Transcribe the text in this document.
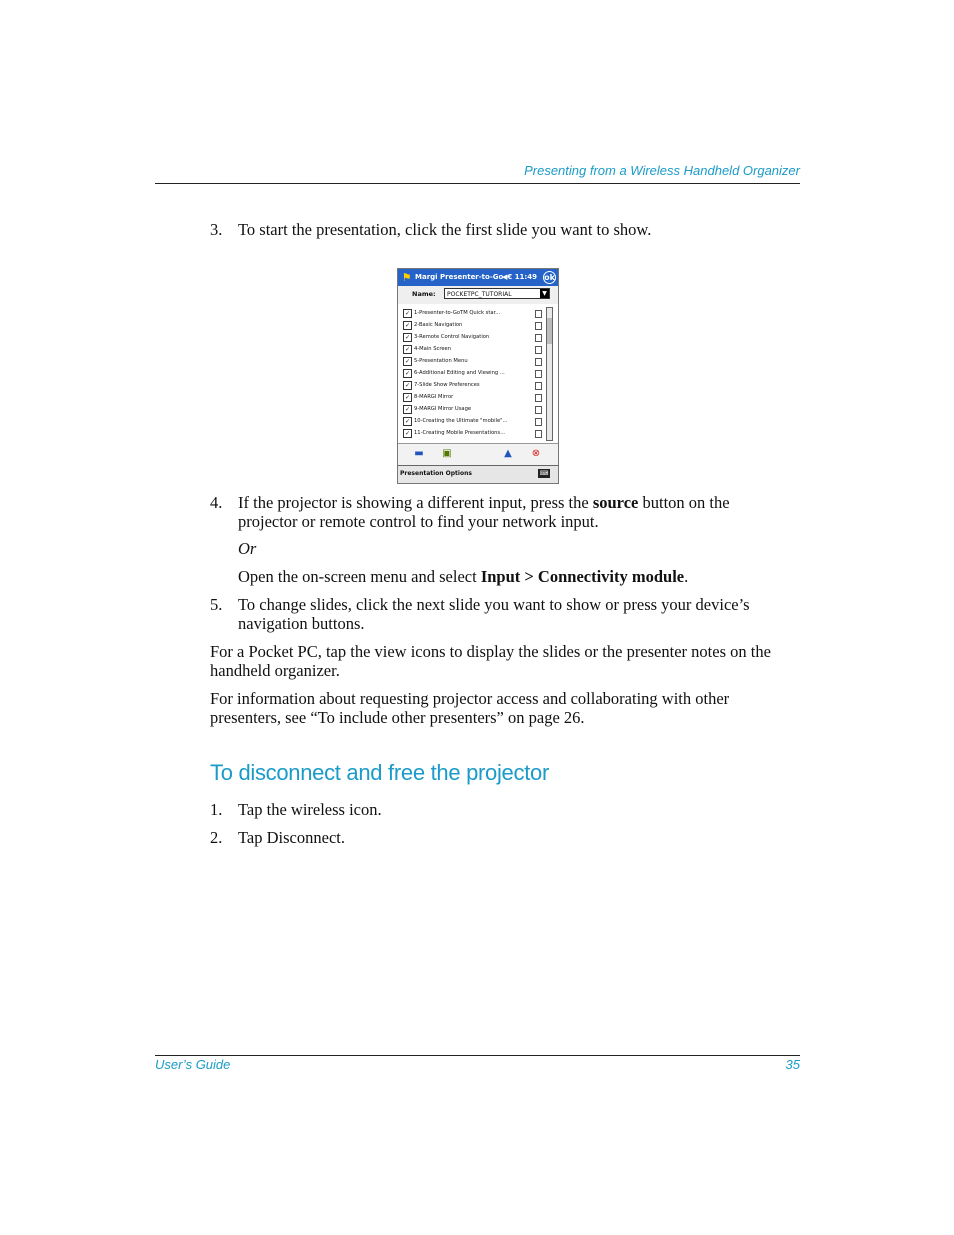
Presenting from a Wireless Handheld Organizer
3. To start the presentation, click the first slide you want to show.
⚑ Margi Presenter-to-Go
◀€ 11:49 ok
Name:	POCKETPC_TUTORIAL	▼
✓ 1-Presenter-to-GoTM Quick star...
✓ 2-Basic Navigation
✓ 3-Remote Control Navigation
✓ 4-Main Screen
✓ 5-Presentation Menu
✓ 6-Additional Editing and Viewing ...
✓ 7-Slide Show Preferences
✓ 8-MARGI Mirror
✓ 9-MARGI Mirror Usage
✓ 10-Creating the Ultimate "mobile"...
✓ 11-Creating Mobile Presentations...
▬ ▣	▲ ⊗
Presentation Options	⌨
4. If the projector is showing a different input, press the source button on the projector or remote control to find your network input.
Or
Open the on-screen menu and select Input > Connectivity module.
5. To change slides, click the next slide you want to show or press your device’s navigation buttons.
For a Pocket PC, tap the view icons to display the slides or the presenter notes on the handheld organizer.
For information about requesting projector access and collaborating with other presenters, see “To include other presenters” on page 26.
To disconnect and free the projector
1. Tap the wireless icon.
2. Tap Disconnect.
User’s Guide	35
